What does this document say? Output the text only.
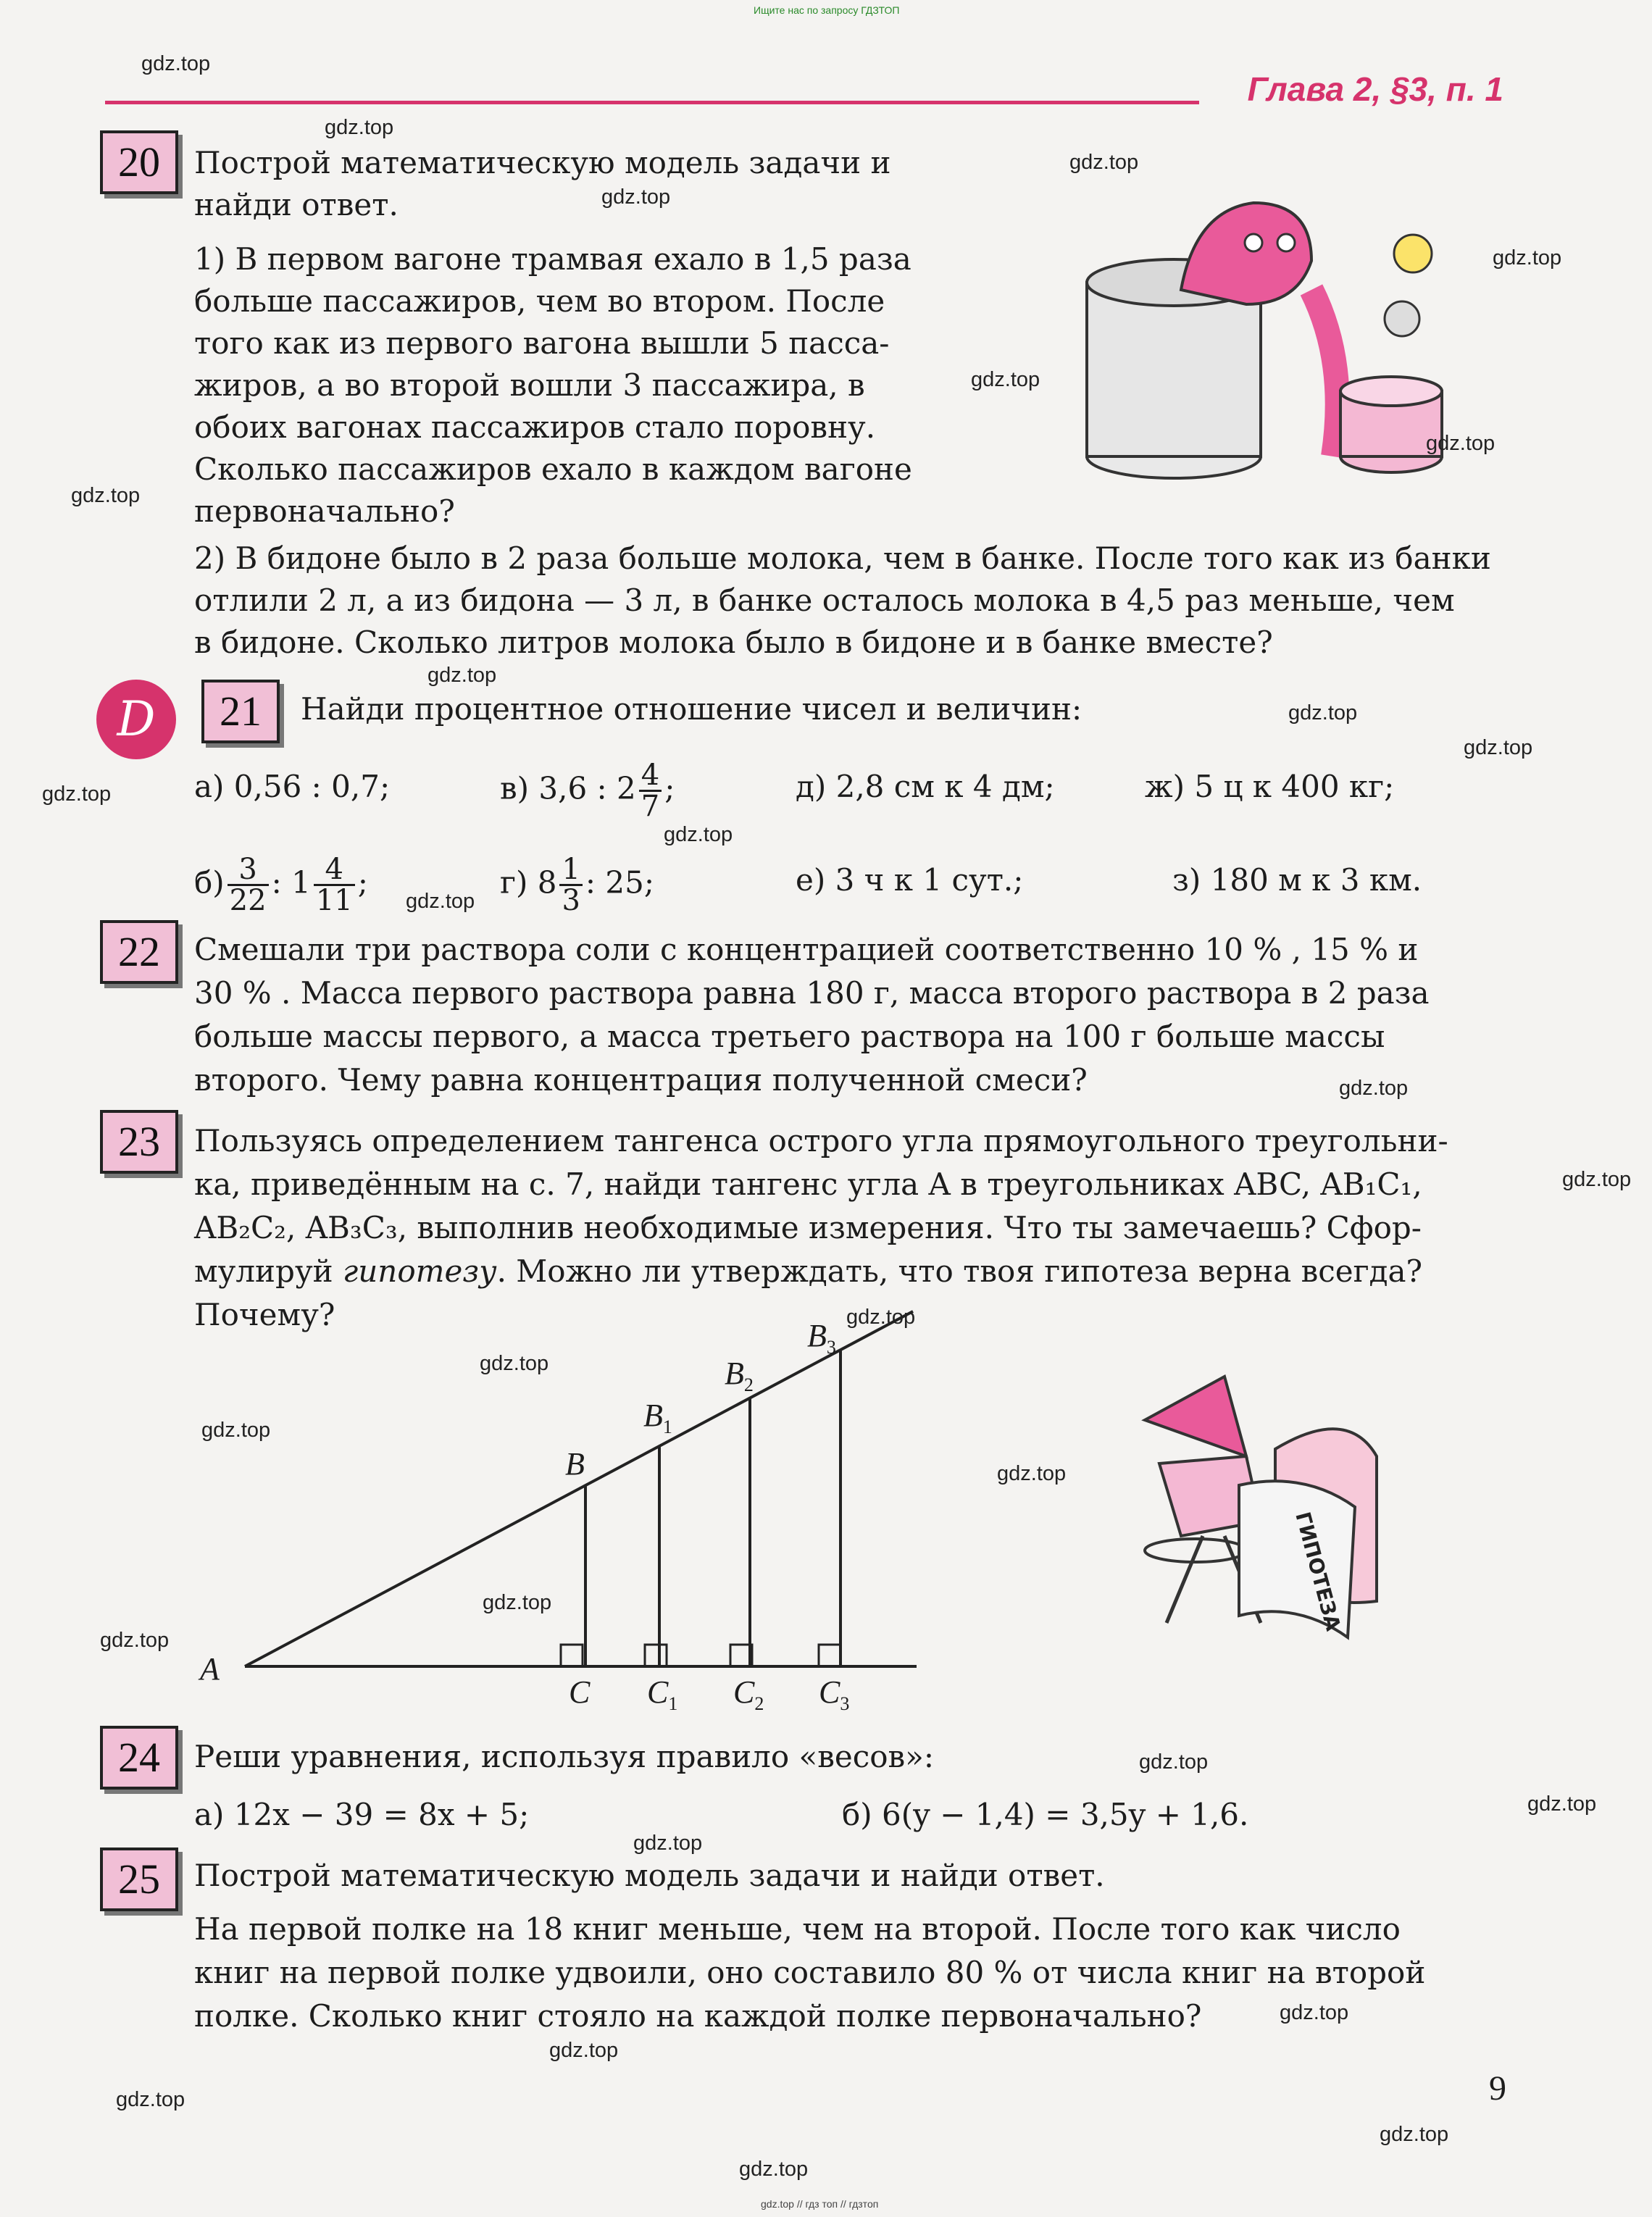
Ищите нас по запросу ГДЗТОП
Глава 2, §3, п. 1
20	Построй математическую модель задачи и
найди ответ.
1) В первом вагоне трамвая ехало в 1,5 раза
больше пассажиров, чем во втором. После
того как из первого вагона вышли 5 пасса-
жиров, а во второй вошли 3 пассажира, в
обоих вагонах пассажиров стало поровну.
Сколько пассажиров ехало в каждом вагоне
первоначально?
2) В бидоне было в 2 раза больше молока, чем в банке. После того как из банки
отлили 2 л, а из бидона — 3 л, в банке осталось молока в 4,5 раз меньше, чем
в бидоне. Сколько литров молока было в бидоне и в банке вместе?
D	21	Найди процентное отношение чисел и величин:
а) 0,56 : 0,7;	в) 3,6 : $2 \frac{4}{7}$ ;	д) 2,8 см к 4 дм;	ж) 5 ц к 400 кг;
$б) \frac{3}{22}$ : $1 \frac{4}{11}$ ;	г) $8 \frac{1}{3}$ : 25;	е) 3 ч к 1 сут.;	з) 180 м к 3 км.
22	Смешали три раствора соли с концентрацией соответственно 10 % , 15 % и
30 % . Масса первого раствора равна 180 г, масса второго раствора в 2 раза
больше массы первого, а масса третьего раствора на 100 г больше массы
второго. Чему равна концентрация полученной смеси?
23	Пользуясь определением тангенса острого угла прямоугольного треугольни-
ка, приведённым на с. 7, найди тангенс угла A в треугольниках ABC, AB₁C₁,
AB₂C₂, AB₃C₃, выполнив необходимые измерения. Что ты замечаешь? Сфор-
мулируй гипотезу. Можно ли утверждать, что твоя гипотеза верна всегда?
Почему?
A
B
$B_1$
$B_2$
$B_3$
C $C_1$ $C_2$ $C_3$
ГИПОТЕЗА
24	Реши уравнения, используя правило «весов»:
а) 12x − 39 = 8x + 5;	б) 6(y − 1,4) = 3,5y + 1,6.
25	Построй математическую модель задачи и найди ответ.
На первой полке на 18 книг меньше, чем на второй. После того как число
книг на первой полке удвоили, оно составило 80 % от числа книг на второй
полке. Сколько книг стояло на каждой полке первоначально?
9
gdz.top // гдз топ // гдзтоп
gdz.top
gdz.top
gdz.top
gdz.top
gdz.top
gdz.top
gdz.top
gdz.top
gdz.top
gdz.top
gdz.top
gdz.top
gdz.top
gdz.top
gdz.top
gdz.top
gdz.top
gdz.top
gdz.top
gdz.top
gdz.top
gdz.top
gdz.top
gdz.top
gdz.top
gdz.top
gdz.top
gdz.top
gdz.top
gdz.top
